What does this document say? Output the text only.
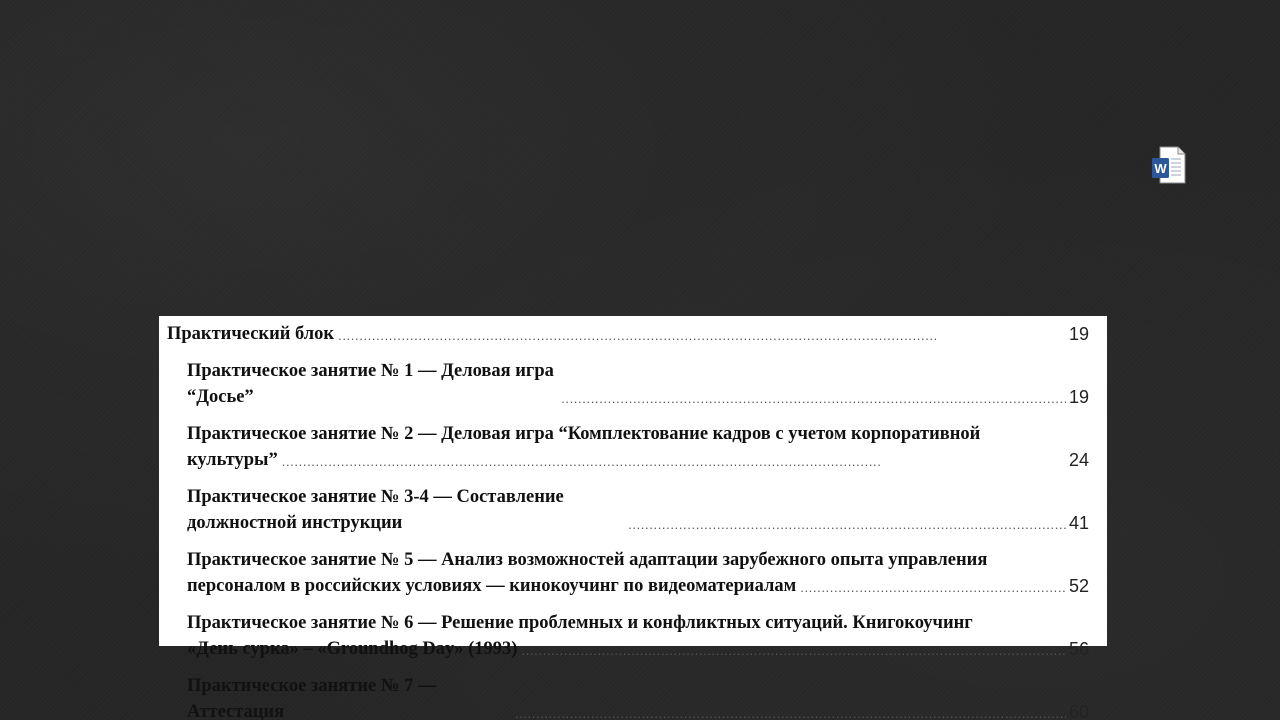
W
Практический блок . . .	19
Практическое занятие № 1 — Деловая игра “Досье” . . .	19
Практическое занятие № 2 — Деловая игра “Комплектование кадров с учетом корпоративной
культуры” . . .	24
Практическое занятие № 3-4 — Составление должностной инструкции . . .	41
Практическое занятие № 5 — Анализ возможностей адаптации зарубежного опыта управления
персоналом в российских условиях — кинокоучинг по видеоматериалам . . .	52
Практическое занятие № 6 — Решение проблемных и конфликтных ситуаций. Книгокоучинг
«День сурка» – «Groundhog Day» (1993) . . .	56
Практическое занятие № 7 — Аттестация . . .	60
